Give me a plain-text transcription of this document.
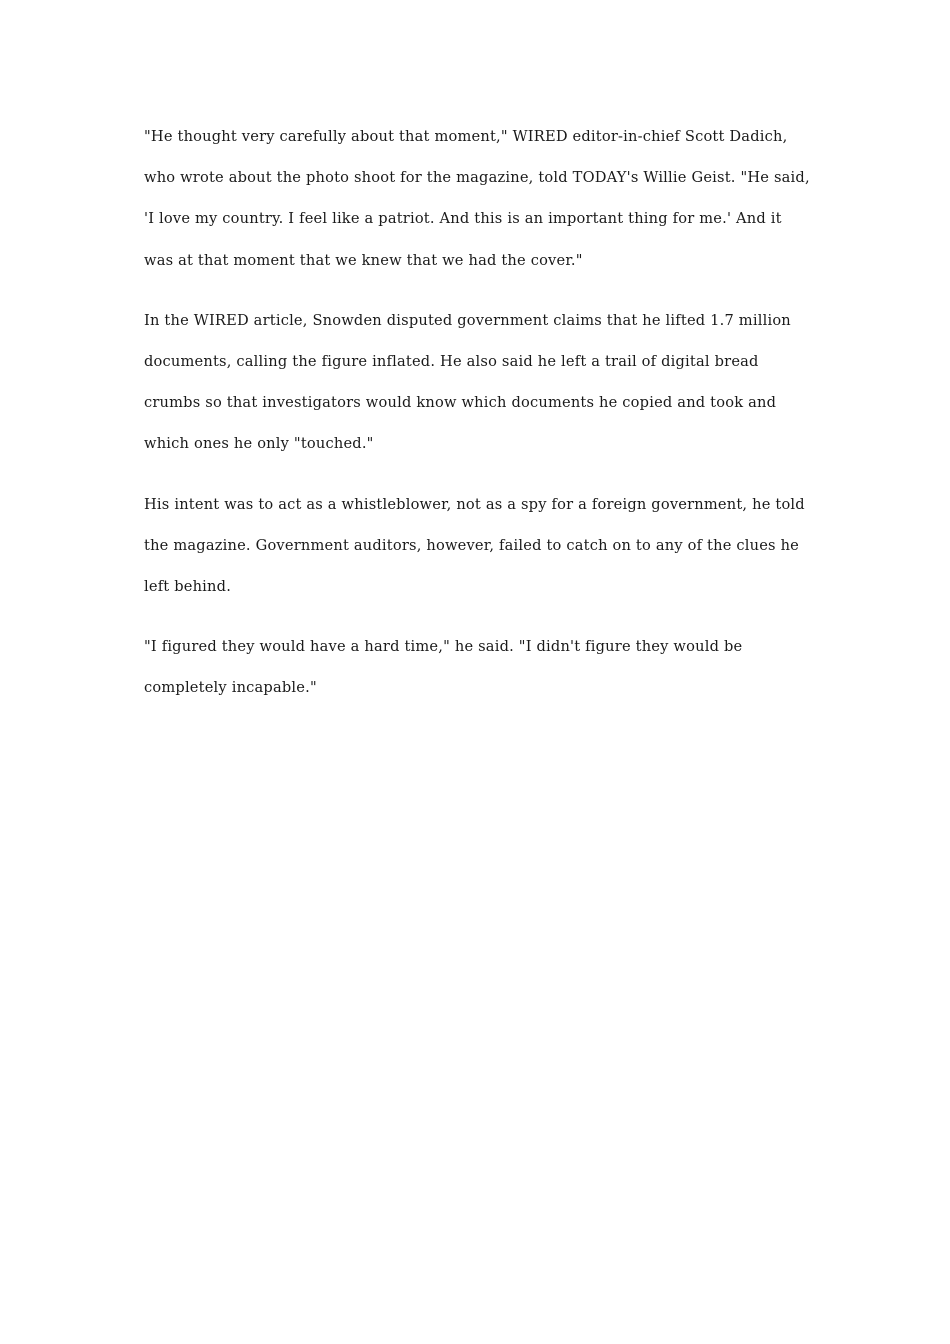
"He thought very carefully about that moment," WIRED editor-in-chief Scott Dadich, who wrote about the photo shoot for the magazine, told TODAY's Willie Geist. "He said, 'I love my country. I feel like a patriot. And this is an important thing for me.' And it was at that moment that we knew that we had the cover."

In the WIRED article, Snowden disputed government claims that he lifted 1.7 million documents, calling the figure inflated. He also said he left a trail of digital bread crumbs so that investigators would know which documents he copied and took and which ones he only "touched."

His intent was to act as a whistleblower, not as a spy for a foreign government, he told the magazine. Government auditors, however, failed to catch on to any of the clues he left behind.

"I figured they would have a hard time," he said. "I didn't figure they would be completely incapable."
